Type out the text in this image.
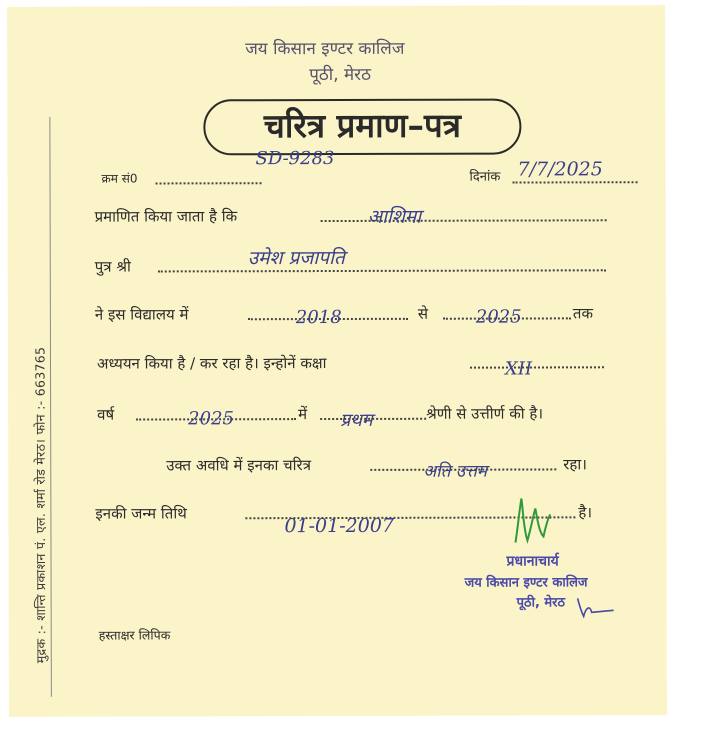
मुद्रक :- शान्ति प्रकाशन पं. एल. शर्मा रोड मेरठ। फोन :- 663765
जय किसान इण्टर कालिज
पूठी, मेरठ
चरित्र प्रमाण–पत्र
क्रम सं0
SD-9283
दिनांक 7/7/2025
प्रमाणित किया जाता है कि	आशिमा
पुत्र श्री	उमेश प्रजापति
ने इस विद्यालय में	2018	से	2025	तक
अध्ययन किया है / कर रहा है। इन्होनें कक्षा	XII
वर्ष	2025	में प्रथम	श्रेणी से उत्तीर्ण की है।
उक्त अवधि में इनका चरित्र	अति उत्तम	रहा।
इनकी जन्म तिथि
01-01-2007
है।
प्रधानाचार्य
जय किसान इण्टर कालिज
पूठी, मेरठ
हस्ताक्षर लिपिक
